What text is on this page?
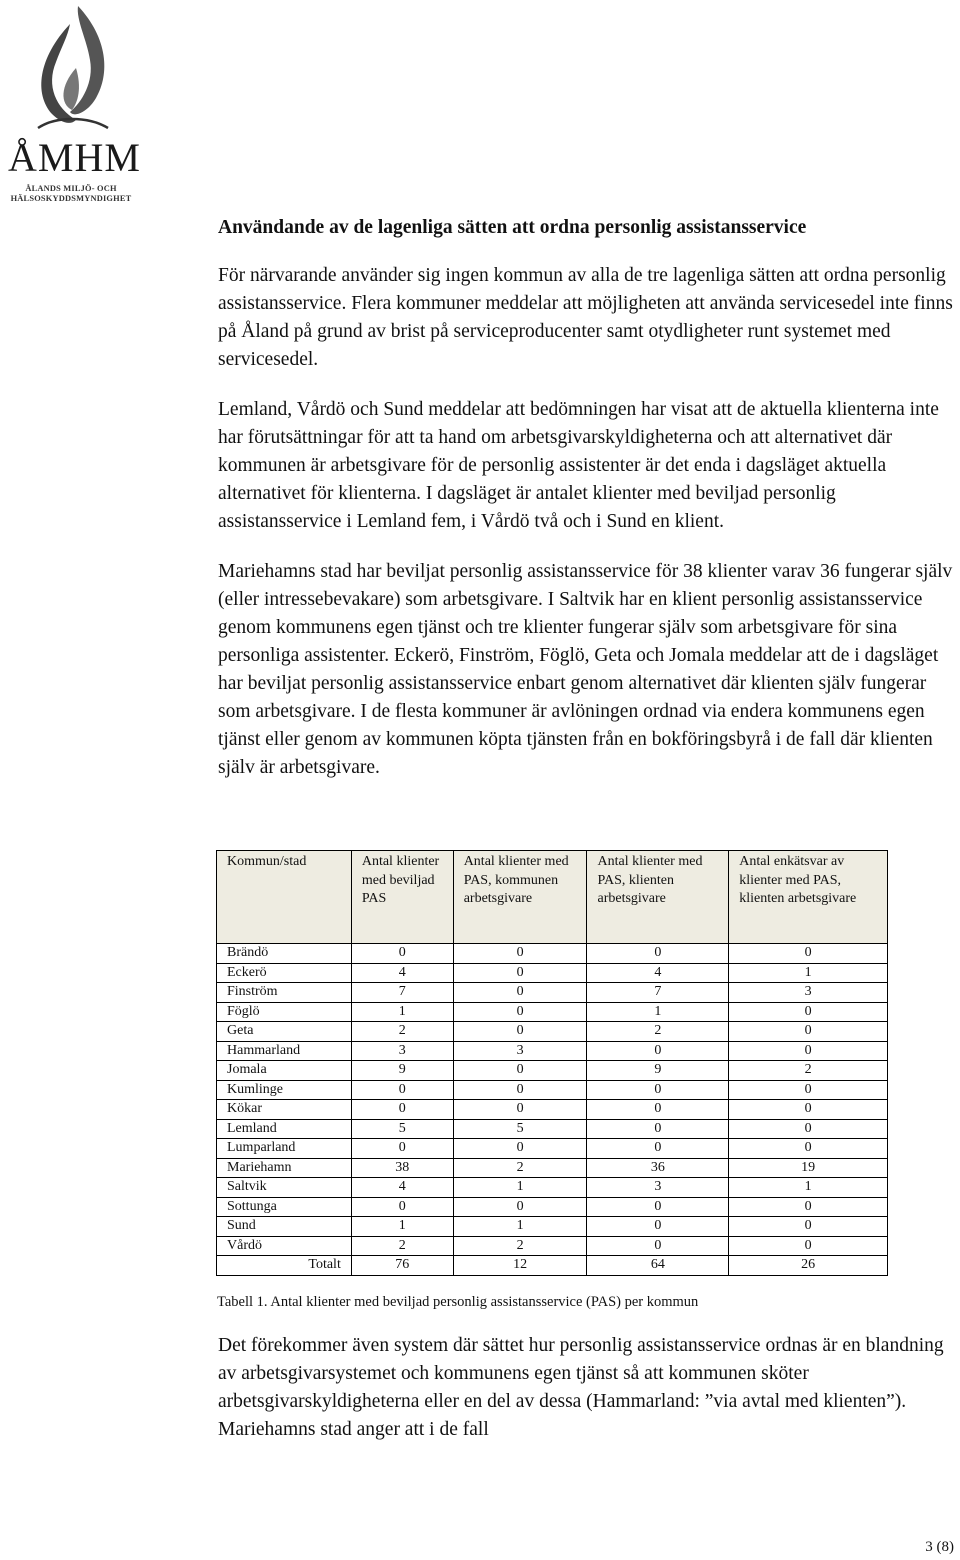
ÅMHM
ÅLANDS MILJÖ- OCH
HÄLSOSKYDDSMYNDIGHET
Användande av de lagenliga sätten att ordna personlig assistansservice

För närvarande använder sig ingen kommun av alla de tre lagenliga sätten att ordna personlig assistansservice. Flera kommuner meddelar att möjligheten att använda servicesedel inte finns på Åland på grund av brist på serviceproducenter samt otydligheter runt systemet med servicesedel.

Lemland, Vårdö och Sund meddelar att bedömningen har visat att de aktuella klienterna inte har förutsättningar för att ta hand om arbetsgivarskyldigheterna och att alternativet där kommunen är arbetsgivare för de personlig assistenter är det enda i dagsläget aktuella alternativet för klienterna. I dagsläget är antalet klienter med beviljad personlig assistansservice i Lemland fem, i Vårdö två och i Sund en klient.

Mariehamns stad har beviljat personlig assistansservice för 38 klienter varav 36 fungerar själv (eller intressebevakare) som arbetsgivare. I Saltvik har en klient personlig assistansservice genom kommunens egen tjänst och tre klienter fungerar själv som arbetsgivare för sina personliga assistenter. Eckerö, Finström, Föglö, Geta och Jomala meddelar att de i dagsläget har beviljat personlig assistansservice enbart genom alternativet där klienten själv fungerar som arbetsgivare. I de flesta kommuner är avlöningen ordnad via endera kommunens egen tjänst eller genom av kommunen köpta tjänsten från en bokföringsbyrå i de fall där klienten själv är arbetsgivare.

Kommun/stad	Antal klienter med beviljad PAS	Antal klienter med PAS, kommunen arbetsgivare	Antal klienter med PAS, klienten arbetsgivare	Antal enkätsvar av klienter med PAS, klienten arbetsgivare
Brändö	0	0	0	0
Eckerö	4	0	4	1
Finström	7	0	7	3
Föglö	1	0	1	0
Geta	2	0	2	0
Hammarland	3	3	0	0
Jomala	9	0	9	2
Kumlinge	0	0	0	0
Kökar	0	0	0	0
Lemland	5	5	0	0
Lumparland	0	0	0	0
Mariehamn	38	2	36	19
Saltvik	4	1	3	1
Sottunga	0	0	0	0
Sund	1	1	0	0
Vårdö	2	2	0	0
Totalt	76	12	64	26
Tabell 1. Antal klienter med beviljad personlig assistansservice (PAS) per kommun

Det förekommer även system där sättet hur personlig assistansservice ordnas är en blandning av arbetsgivarsystemet och kommunens egen tjänst så att kommunen sköter arbetsgivarskyldigheterna eller en del av dessa (Hammarland: ”via avtal med klienten”). Mariehamns stad anger att i de fall

3 (8)
